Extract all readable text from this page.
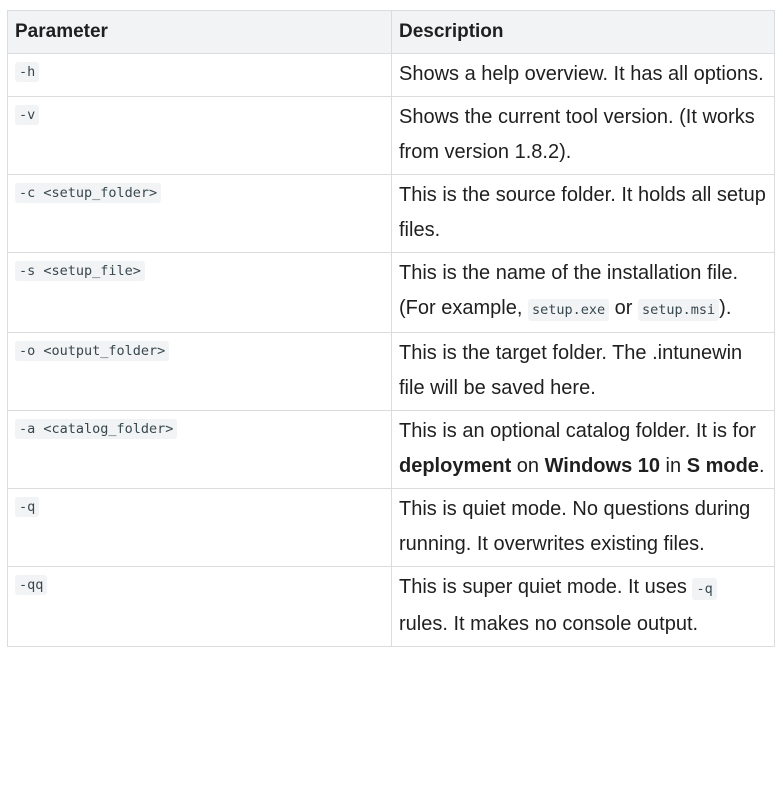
Parameter	Description
-h	Shows a help overview. It has all options.
-v	Shows the current tool version. (It works from version 1.8.2).
-c <setup_folder>	This is the source folder. It holds all setup files.
-s <setup_file>	This is the name of the installation file. (For example, setup.exe or setup.msi ).
-o <output_folder>	This is the target folder. The .intunewin file will be saved here.
-a <catalog_folder>	This is an optional catalog folder. It is for deployment on Windows 10 in S mode.
-q	This is quiet mode. No questions during running. It overwrites existing files.
-qq	This is super quiet mode. It uses -q rules. It makes no console output.
